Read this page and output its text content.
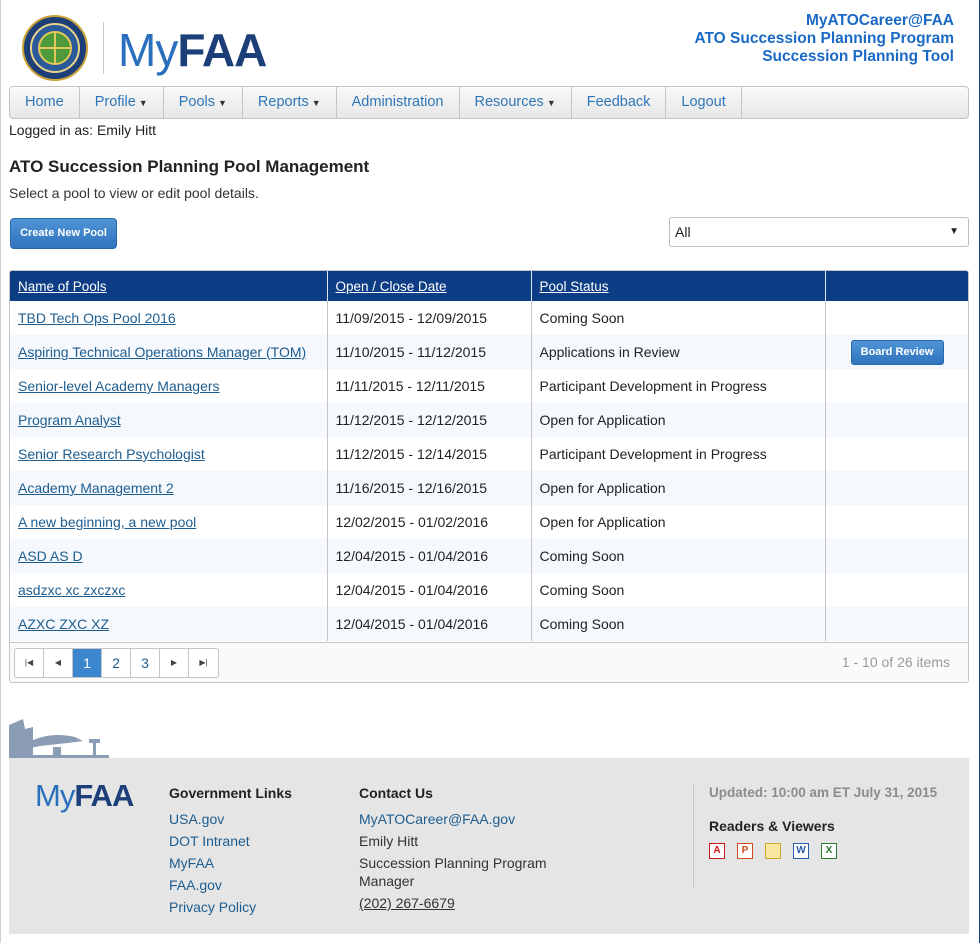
MyFAA
MyATOCareer@FAA
ATO Succession Planning Program
Succession Planning Tool
Home	Profile ▼	Pools ▼	Reports ▼	Administration	Resources ▼	Feedback	Logout
Logged in as: Emily Hitt
ATO Succession Planning Pool Management
Select a pool to view or edit pool details.
Create New Pool	All	▼
Name of Pools	Open / Close Date	Pool Status	
TBD Tech Ops Pool 2016	11/09/2015 - 12/09/2015	Coming Soon	
Aspiring Technical Operations Manager (TOM)	11/10/2015 - 11/12/2015	Applications in Review	Board Review
Senior-level Academy Managers	11/11/2015 - 12/11/2015	Participant Development in Progress	
Program Analyst	11/12/2015 - 12/12/2015	Open for Application	
Senior Research Psychologist	11/12/2015 - 12/14/2015	Participant Development in Progress	
Academy Management 2	11/16/2015 - 12/16/2015	Open for Application	
A new beginning, a new pool	12/02/2015 - 01/02/2016	Open for Application	
ASD AS D	12/04/2015 - 01/04/2016	Coming Soon	
asdzxc xc zxczxc	12/04/2015 - 01/04/2016	Coming Soon	
AZXC ZXC XZ	12/04/2015 - 01/04/2016	Coming Soon	
|◀	◀	1	2	3	▶	▶|	1 - 10 of 26 items
MyFAA	Government Links
USA.gov
DOT Intranet
MyFAA
FAA.gov
Privacy Policy
Contact Us
MyATOCareer@FAA.gov
Emily Hitt
Succession Planning Program
Manager
(202) 267-6679
Updated: 10:00 am ET July 31, 2015
Readers & Viewers
A	P	W	X
